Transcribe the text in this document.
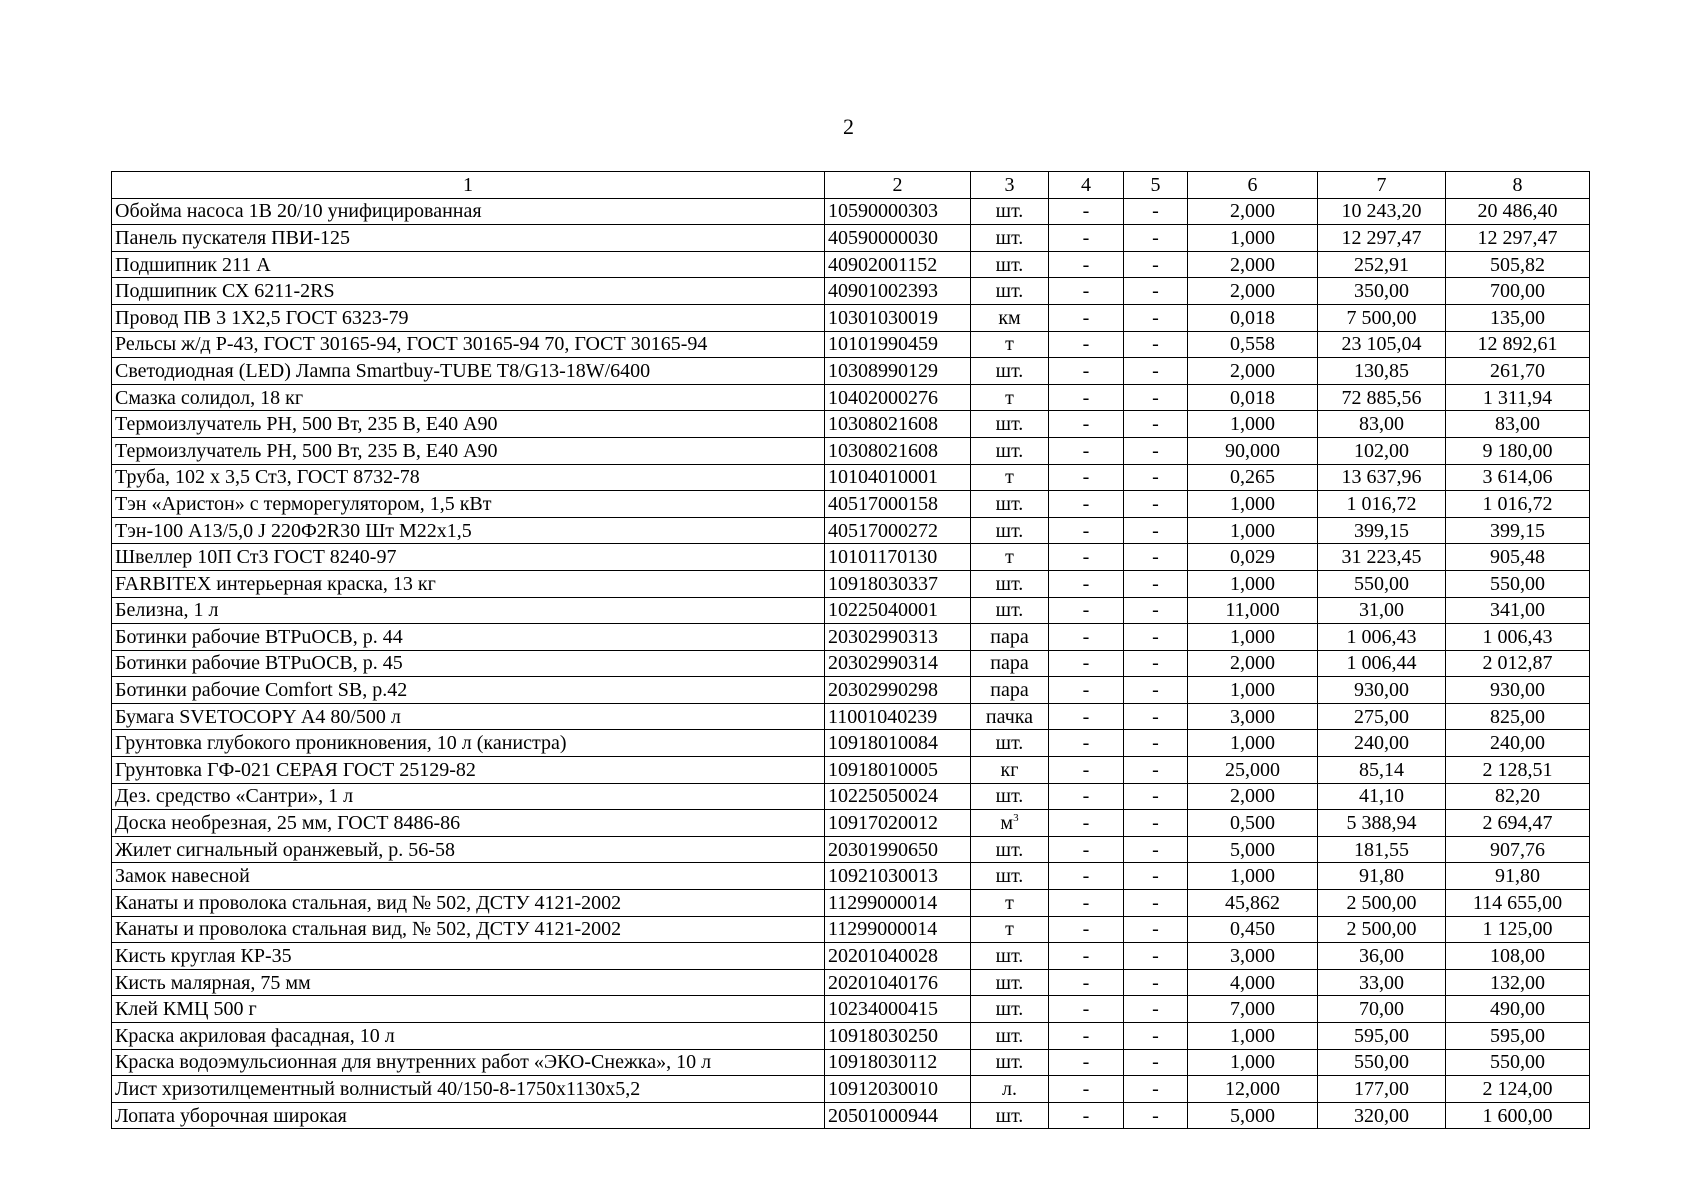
2
1	2	3	4	5	6	7	8
Обойма насоса 1В 20/10 унифицированная	10590000303	шт.	-	-	2,000	10 243,20	20 486,40
Панель пускателя ПВИ-125	40590000030	шт.	-	-	1,000	12 297,47	12 297,47
Подшипник 211 А	40902001152	шт.	-	-	2,000	252,91	505,82
Подшипник СХ 6211-2RS	40901002393	шт.	-	-	2,000	350,00	700,00
Провод ПВ 3 1Х2,5 ГОСТ 6323-79	10301030019	км	-	-	0,018	7 500,00	135,00
Рельсы ж/д Р-43, ГОСТ 30165-94, ГОСТ 30165-94 70, ГОСТ 30165-94	10101990459	т	-	-	0,558	23 105,04	12 892,61
Светодиодная (LED) Лампа Smartbuy-TUBE T8/G13-18W/6400	10308990129	шт.	-	-	2,000	130,85	261,70
Смазка солидол, 18 кг	10402000276	т	-	-	0,018	72 885,56	1 311,94
Термоизлучатель РН, 500 Вт, 235 В, Е40 А90	10308021608	шт.	-	-	1,000	83,00	83,00
Термоизлучатель РН, 500 Вт, 235 В, Е40 А90	10308021608	шт.	-	-	90,000	102,00	9 180,00
Труба, 102 х 3,5 Ст3, ГОСТ 8732-78	10104010001	т	-	-	0,265	13 637,96	3 614,06
Тэн «Аристон» с терморегулятором, 1,5 кВт	40517000158	шт.	-	-	1,000	1 016,72	1 016,72
Тэн-100 А13/5,0 J 220Ф2R30 Шт М22х1,5	40517000272	шт.	-	-	1,000	399,15	399,15
Швеллер 10П Ст3 ГОСТ 8240-97	10101170130	т	-	-	0,029	31 223,45	905,48
FARBITEX интерьерная краска, 13 кг	10918030337	шт.	-	-	1,000	550,00	550,00
Белизна, 1 л	10225040001	шт.	-	-	11,000	31,00	341,00
Ботинки рабочие ВТРuОСВ, р. 44	20302990313	пара	-	-	1,000	1 006,43	1 006,43
Ботинки рабочие ВТРuОСВ, р. 45	20302990314	пара	-	-	2,000	1 006,44	2 012,87
Ботинки рабочие Comfort SB, р.42	20302990298	пара	-	-	1,000	930,00	930,00
Бумага SVETOCOPY А4 80/500 л	11001040239	пачка	-	-	3,000	275,00	825,00
Грунтовка глубокого проникновения, 10 л (канистра)	10918010084	шт.	-	-	1,000	240,00	240,00
Грунтовка ГФ-021 СЕРАЯ ГОСТ 25129-82	10918010005	кг	-	-	25,000	85,14	2 128,51
Дез. средство «Сантри», 1 л	10225050024	шт.	-	-	2,000	41,10	82,20
Доска необрезная, 25 мм, ГОСТ 8486-86	10917020012	$м^3$	-	-	0,500	5 388,94	2 694,47
Жилет сигнальный оранжевый, р. 56-58	20301990650	шт.	-	-	5,000	181,55	907,76
Замок навесной	10921030013	шт.	-	-	1,000	91,80	91,80
Канаты и проволока стальная, вид № 502, ДСТУ 4121-2002	11299000014	т	-	-	45,862	2 500,00	114 655,00
Канаты и проволока стальная вид, № 502, ДСТУ 4121-2002	11299000014	т	-	-	0,450	2 500,00	1 125,00
Кисть круглая КР-35	20201040028	шт.	-	-	3,000	36,00	108,00
Кисть малярная, 75 мм	20201040176	шт.	-	-	4,000	33,00	132,00
Клей КМЦ 500 г	10234000415	шт.	-	-	7,000	70,00	490,00
Краска акриловая фасадная, 10 л	10918030250	шт.	-	-	1,000	595,00	595,00
Краска водоэмульсионная для внутренних работ «ЭКО-Снежка», 10 л	10918030112	шт.	-	-	1,000	550,00	550,00
Лист хризотилцементный волнистый 40/150-8-1750х1130х5,2	10912030010	л.	-	-	12,000	177,00	2 124,00
Лопата уборочная широкая	20501000944	шт.	-	-	5,000	320,00	1 600,00
